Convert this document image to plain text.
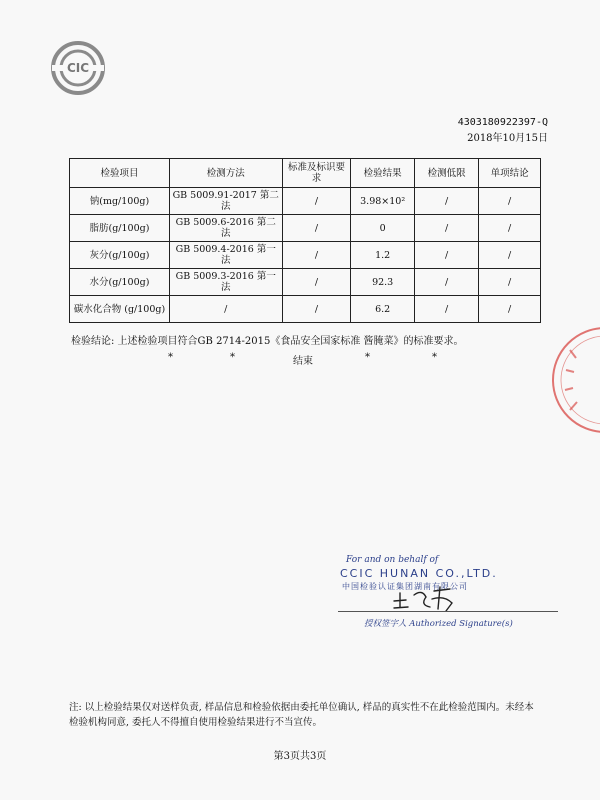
CIC
4303180922397-Q
2018年10月15日
检验项目	检测方法	标准及标识要求	检验结果	检测低限	单项结论
钠(mg/100g)	GB 5009.91-2017 第二法	/	3.98×10²	/	/
脂肪(g/100g)	GB 5009.6-2016 第二法	/	0	/	/
灰分(g/100g)	GB 5009.4-2016 第一法	/	1.2	/	/
水分(g/100g)	GB 5009.3-2016 第一法	/	92.3	/	/
碳水化合物 (g/100g)	/	/	6.2	/	/
检验结论: 上述检验项目符合GB 2714-2015《食品安全国家标准 酱腌菜》的标准要求。
*	*	结束	*	*
For and on behalf of
CCIC HUNAN CO.,LTD.
中国检验认证集团湖南有限公司
授权签字人 Authorized Signature(s)
注: 以上检验结果仅对送样负责, 样品信息和检验依据由委托单位确认, 样品的真实性不在此检验范围内。未经本检验机构同意, 委托人不得擅自使用检验结果进行不当宣传。
第3页共3页
